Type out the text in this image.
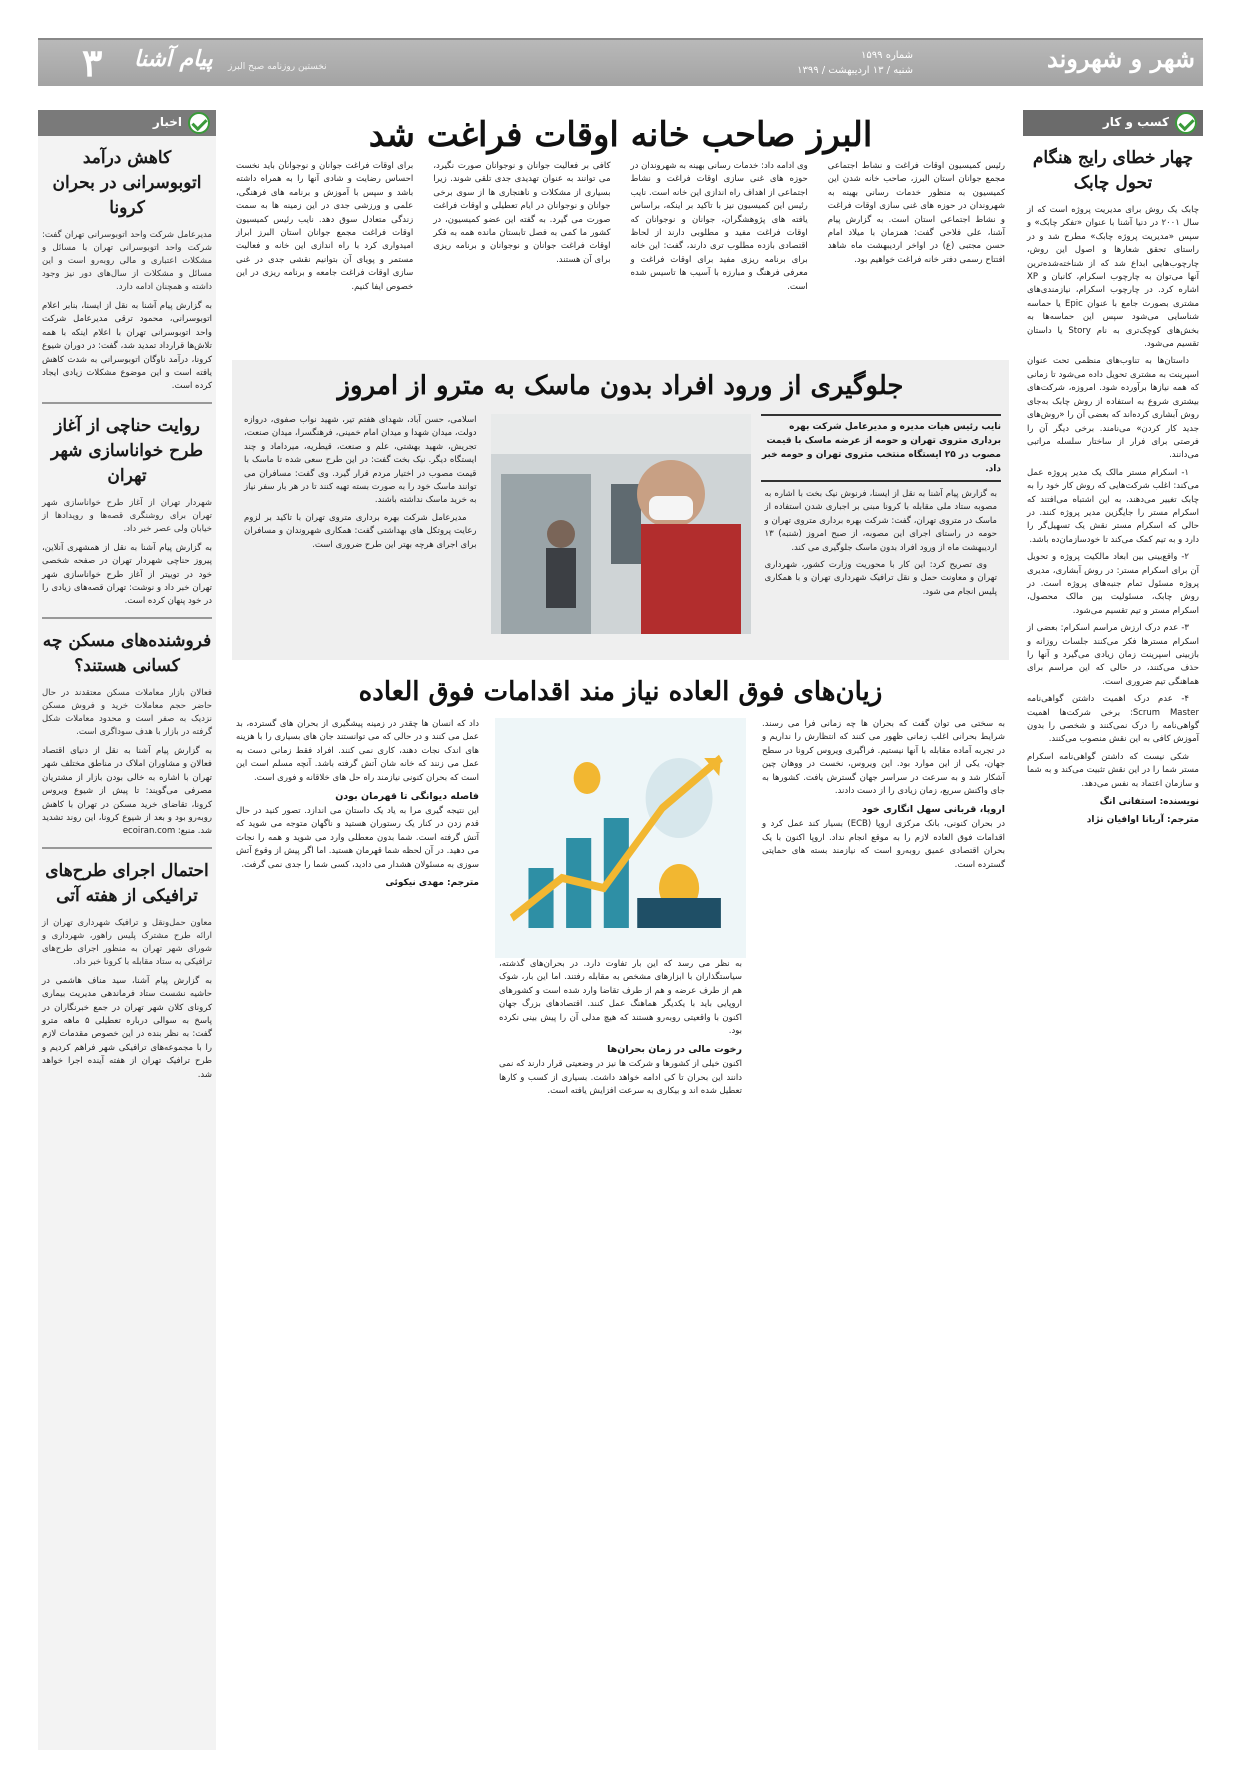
شهر و شهروند
شماره ۱۵۹۹
شنبه / ۱۳ اردیبهشت / ۱۳۹۹
نخستین روزنامه صبح البرز
پیام آشنا
۳
کسب و کار
چهار خطای رایج هنگام تحول چابک

چابک یک روش برای مدیریت پروژه است که از سال ۲۰۰۱ در دنیا آشنا با عنوان «تفکر چابک» و سپس «مدیریت پروژه چابک» مطرح شد و در راستای تحقق شعارها و اصول این روش، چارچوب‌هایی ابداع شد که از شناخته‌شده‌ترین آنها می‌توان به چارچوب اسکرام، کانبان و XP اشاره کرد. در چارچوب اسکرام، نیازمندی‌های مشتری بصورت جامع با عنوان Epic یا حماسه شناسایی می‌شود سپس این حماسه‌ها به بخش‌های کوچک‌تری به نام Story یا داستان تقسیم می‌شود.

داستان‌ها به تناوب‌های منظمی تحت عنوان اسپرینت به مشتری تحویل داده می‌شود تا زمانی که همه نیازها برآورده شود. امروزه، شرکت‌های بیشتری شروع به استفاده از روش چابک به‌جای روش آبشاری کرده‌اند که بعضی آن را «روش‌های جدید کار کردن» می‌نامند. برخی دیگر آن را فرصتی برای فرار از ساختار سلسله مراتبی می‌دانند.

۱- اسکرام مستر مالک یک مدیر پروژه عمل می‌کند: اغلب شرکت‌هایی که روش کار خود را به چابک تغییر می‌دهند، به این اشتباه می‌افتند که اسکرام مستر را جایگزین مدیر پروژه کنند. در حالی که اسکرام مستر نقش یک تسهیل‌گر را دارد و به تیم کمک می‌کند تا خودسازمان‌ده باشد.

۲- واقع‌بینی بین ابعاد مالکیت پروژه و تحویل آن برای اسکرام مستر: در روش آبشاری، مدیری پروژه مسئول تمام جنبه‌های پروژه است. در روش چابک، مسئولیت بین مالک محصول، اسکرام مستر و تیم تقسیم می‌شود.

۳- عدم درک ارزش مراسم اسکرام: بعضی از اسکرام مسترها فکر می‌کنند جلسات روزانه و بازبینی اسپرینت زمان زیادی می‌گیرد و آنها را حذف می‌کنند، در حالی که این مراسم برای هماهنگی تیم ضروری است.

۴- عدم درک اهمیت داشتن گواهی‌نامه Scrum Master: برخی شرکت‌ها اهمیت گواهی‌نامه را درک نمی‌کنند و شخصی را بدون آموزش کافی به این نقش منصوب می‌کنند.

شکی نیست که داشتن گواهی‌نامه اسکرام مستر شما را در این نقش تثبیت می‌کند و به شما و سازمان اعتماد به نفس می‌دهد.

نویسنده: استفانی انگ

مترجم: آریانا اوافیان نژاد

اخبار
کاهش درآمد اتوبوسرانی در بحران کرونا

مدیرعامل شرکت واحد اتوبوسرانی تهران گفت: شرکت واحد اتوبوسرانی تهران با مسائل و مشکلات اعتباری و مالی روبه‌رو است و این مسائل و مشکلات از سال‌های دور نیز وجود داشته و همچنان ادامه دارد.

به گزارش پیام آشنا به نقل از ایسنا، بنابر اعلام اتوبوسرانی، محمود ترقی مدیرعامل شرکت واحد اتوبوسرانی تهران با اعلام اینکه با همه تلاش‌ها قرارداد تمدید شد، گفت: در دوران شیوع کرونا، درآمد ناوگان اتوبوسرانی به شدت کاهش یافته است و این موضوع مشکلات زیادی ایجاد کرده است.

روایت حناچی از آغاز طرح خواناسازی شهر تهران

شهردار تهران از آغاز طرح خواناسازی شهر تهران برای روشنگری قصه‌ها و رویدادها از خیابان ولی عصر خبر داد.

به گزارش پیام آشنا به نقل از همشهری آنلاین، پیروز حناچی شهردار تهران در صفحه شخصی خود در توییتر از آغاز طرح خواناسازی شهر تهران خبر داد و نوشت: تهران قصه‌های زیادی را در خود پنهان کرده است.

فروشنده‌های مسکن چه کسانی هستند؟

فعالان بازار معاملات مسکن معتقدند در حال حاضر حجم معاملات خرید و فروش مسکن نزدیک به صفر است و محدود معاملات شکل گرفته در بازار با هدف سوداگری است.

به گزارش پیام آشنا به نقل از دنیای اقتصاد فعالان و مشاوران املاک در مناطق مختلف شهر تهران با اشاره به خالی بودن بازار از مشتریان مصرفی می‌گویند: تا پیش از شیوع ویروس کرونا، تقاضای خرید مسکن در تهران با کاهش روبه‌رو بود و بعد از شیوع کرونا، این روند تشدید شد. منبع: ecoiran.com

احتمال اجرای طرح‌های ترافیکی از هفته آتی

معاون حمل‌ونقل و ترافیک شهرداری تهران از ارائه طرح مشترک پلیس راهور، شهرداری و شورای شهر تهران به منظور اجرای طرح‌های ترافیکی به ستاد مقابله با کرونا خبر داد.

به گزارش پیام آشنا، سید مناف هاشمی در حاشیه نشست ستاد فرماندهی مدیریت بیماری کرونای کلان شهر تهران در جمع خبرنگاران در پاسخ به سوالی درباره تعطیلی ۵ ماهه مترو گفت: به نظر بنده در این خصوص مقدمات لازم را با مجموعه‌های ترافیکی شهر فراهم کردیم و طرح ترافیک تهران از هفته آینده اجرا خواهد شد.

البرز صاحب خانه اوقات فراغت شد

رئیس کمیسیون اوقات فراغت و نشاط اجتماعی مجمع جوانان استان البرز، صاحب خانه شدن این کمیسیون به منظور خدمات رسانی بهینه به شهروندان در حوزه های غنی سازی اوقات فراغت و نشاط اجتماعی استان است. به گزارش پیام آشنا، علی فلاحی گفت: همزمان با میلاد امام حسن مجتبی (ع) در اواخر اردیبهشت ماه شاهد افتتاح رسمی دفتر خانه فراغت خواهیم بود.

وی ادامه داد: خدمات رسانی بهینه به شهروندان در حوزه های غنی سازی اوقات فراغت و نشاط اجتماعی از اهداف راه اندازی این خانه است. نایب رئیس این کمیسیون نیز با تاکید بر اینکه، براساس یافته های پژوهشگران، جوانان و نوجوانان که اوقات فراغت مفید و مطلوبی دارند از لحاظ اقتصادی بازده مطلوب تری دارند، گفت: این خانه برای برنامه ریزی مفید برای اوقات فراغت و معرفی فرهنگ و مبارزه با آسیب ها تاسیس شده است.

کافی بر فعالیت جوانان و نوجوانان صورت نگیرد، می توانند به عنوان تهدیدی جدی تلقی شوند. زیرا بسیاری از مشکلات و ناهنجاری ها از سوی برخی جوانان و نوجوانان در ایام تعطیلی و اوقات فراغت صورت می گیرد. به گفته این عضو کمیسیون، در کشور ما کمی به فصل تابستان مانده همه به فکر اوقات فراغت جوانان و نوجوانان و برنامه ریزی برای آن هستند.

برای اوقات فراغت جوانان و نوجوانان باید نخست احساس رضایت و شادی آنها را به همراه داشته باشد و سپس با آموزش و برنامه های فرهنگی، علمی و ورزشی جدی در این زمینه ها به سمت زندگی متعادل سوق دهد. نایب رئیس کمیسیون اوقات فراغت مجمع جوانان استان البرز ابراز امیدواری کرد با راه اندازی این خانه و فعالیت مستمر و پویای آن بتوانیم نقشی جدی در غنی سازی اوقات فراغت جامعه و برنامه ریزی در این خصوص ایفا کنیم.

جلوگیری از ورود افراد بدون ماسک به مترو از امروز

نایب رئیس هیات مدیره و مدیرعامل شرکت بهره برداری متروی تهران و حومه از عرضه ماسک با قیمت مصوب در ۲۵ ایستگاه منتخب متروی تهران و حومه خبر داد.

به گزارش پیام آشنا به نقل از ایسنا، فرنوش نیک بخت با اشاره به مصوبه ستاد ملی مقابله با کرونا مبنی بر اجباری شدن استفاده از ماسک در متروی تهران، گفت: شرکت بهره برداری متروی تهران و حومه در راستای اجرای این مصوبه، از صبح امروز (شنبه) ۱۳ اردیبهشت ماه از ورود افراد بدون ماسک جلوگیری می کند.

وی تصریح کرد: این کار با محوریت وزارت کشور، شهرداری تهران و معاونت حمل و نقل ترافیک شهرداری تهران و با همکاری پلیس انجام می شود.

اسلامی، حسن آباد، شهدای هفتم تیر، شهید نواب صفوی، دروازه دولت، میدان شهدا و میدان امام خمینی، فرهنگسرا، میدان صنعت، تجریش، شهید بهشتی، علم و صنعت، قیطریه، میرداماد و چند ایستگاه دیگر. نیک بخت گفت: در این طرح سعی شده تا ماسک با قیمت مصوب در اختیار مردم قرار گیرد. وی گفت: مسافران می توانند ماسک خود را به صورت بسته تهیه کنند تا در هر بار سفر نیاز به خرید ماسک نداشته باشند.

مدیرعامل شرکت بهره برداری متروی تهران با تاکید بر لزوم رعایت پروتکل های بهداشتی گفت: همکاری شهروندان و مسافران برای اجرای هرچه بهتر این طرح ضروری است.

زیان‌های فوق العاده نیاز مند اقدامات فوق العاده

به سختی می توان گفت که بحران ها چه زمانی فرا می رسند. شرایط بحرانی اغلب زمانی ظهور می کنند که انتظارش را نداریم و در تجربه آماده مقابله با آنها نیستیم. فراگیری ویروس کرونا در سطح جهان، یکی از این موارد بود. این ویروس، نخست در ووهان چین آشکار شد و به سرعت در سراسر جهان گسترش یافت. کشورها به جای واکنش سریع، زمان زیادی را از دست دادند.

اروپا، قربانی سهل انگاری خود

در بحران کنونی، بانک مرکزی اروپا (ECB) بسیار کند عمل کرد و اقدامات فوق العاده لازم را به موقع انجام نداد. اروپا اکنون با یک بحران اقتصادی عمیق روبه‌رو است که نیازمند بسته های حمایتی گسترده است.

به نظر می رسد که این بار تفاوت دارد. در بحران‌های گذشته، سیاستگذاران با ابزارهای مشخص به مقابله رفتند. اما این بار، شوک هم از طرف عرضه و هم از طرف تقاضا وارد شده است و کشورهای اروپایی باید با یکدیگر هماهنگ عمل کنند. اقتصادهای بزرگ جهان اکنون با واقعیتی روبه‌رو هستند که هیچ مدلی آن را پیش بینی نکرده بود.

رخوت مالی در زمان بحران‌ها

اکنون خیلی از کشورها و شرکت ها نیز در وضعیتی قرار دارند که نمی دانند این بحران تا کی ادامه خواهد داشت. بسیاری از کسب و کارها تعطیل شده اند و بیکاری به سرعت افزایش یافته است.

داد که انسان ها چقدر در زمینه پیشگیری از بحران های گسترده، بد عمل می کنند و در حالی که می توانستند جان های بسیاری را با هزینه های اندک نجات دهند، کاری نمی کنند. افراد فقط زمانی دست به عمل می زنند که خانه شان آتش گرفته باشد. آنچه مسلم است این است که بحران کنونی نیازمند راه حل های خلاقانه و فوری است.

فاصله دیوانگی تا قهرمان بودن

این نتیجه گیری مرا به یاد یک داستان می اندازد. تصور کنید در حال قدم زدن در کنار یک رستوران هستید و ناگهان متوجه می شوید که آتش گرفته است. شما بدون معطلی وارد می شوید و همه را نجات می دهید. در آن لحظه شما قهرمان هستید. اما اگر پیش از وقوع آتش سوزی به مسئولان هشدار می دادید، کسی شما را جدی نمی گرفت.

مترجم: مهدی نیکوئی
